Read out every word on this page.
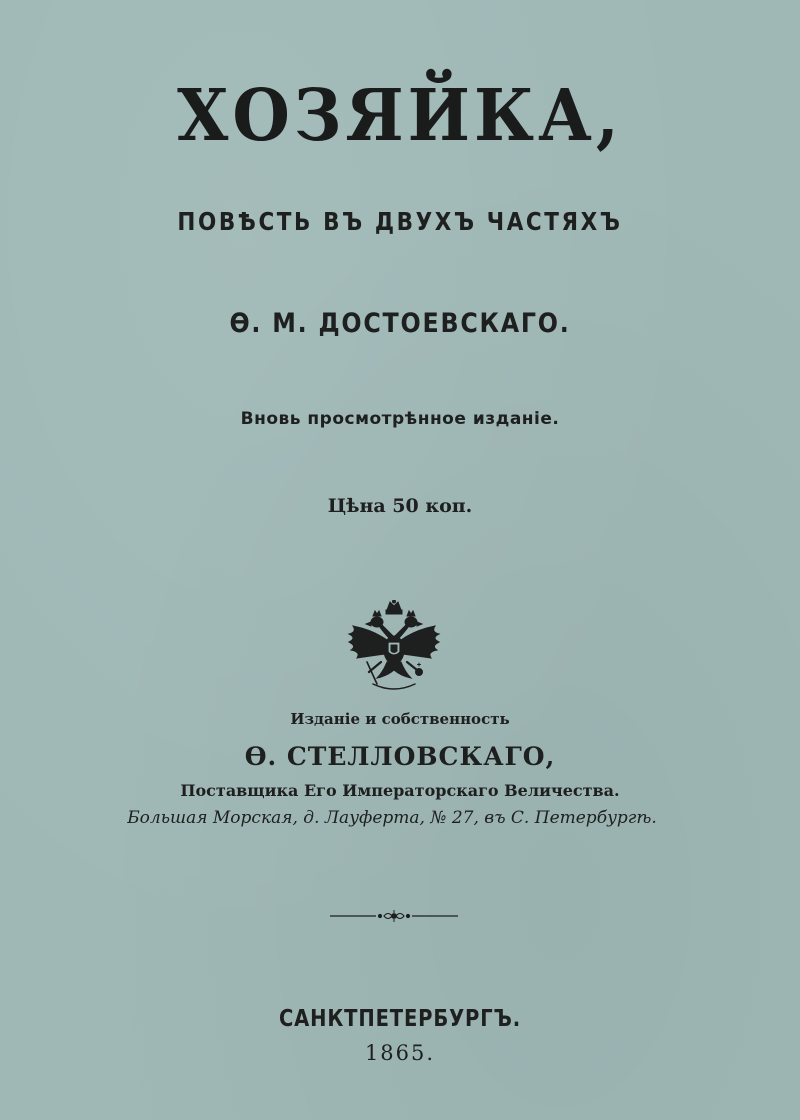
ХОЗЯЙКА,
ПОВѢСТЬ ВЪ ДВУХЪ ЧАСТЯХЪ
Ѳ. М. ДОСТОЕВСКАГО.
Вновь просмотрѣнное изданіе.
Цѣна 50 коп.
Изданіе и собственность
Ѳ. СТЕЛЛОВСКАГО,
Поставщика Его Императорскаго Величества.
Большая Морская, д. Лауферта, № 27, въ С. Петербургѣ.
САНКТПЕТЕРБУРГЪ.
1865.
